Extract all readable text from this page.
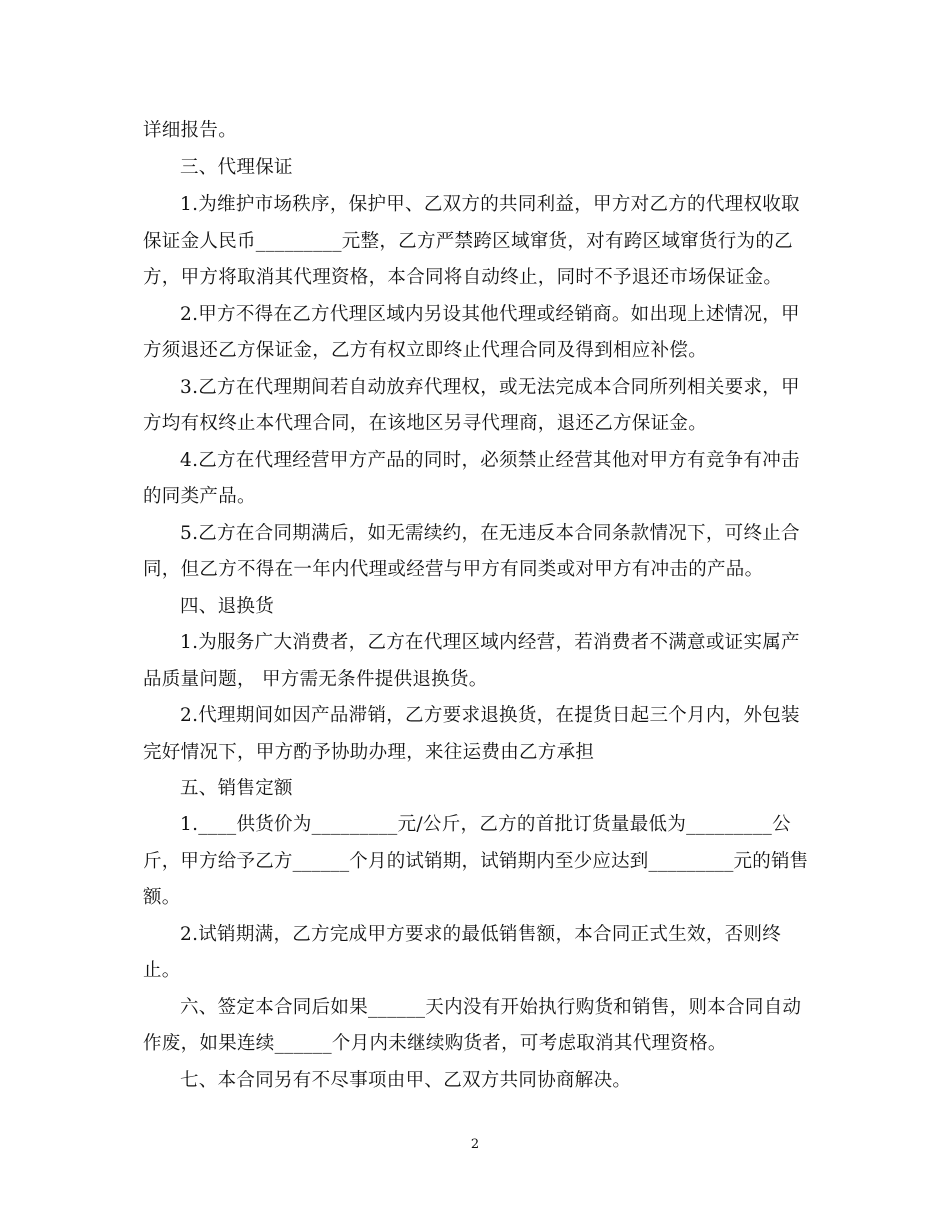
详细报告。
三、代理保证
1.为维护市场秩序，保护甲、乙双方的共同利益，甲方对乙方的代理权收取
保证金人民币_________元整，乙方严禁跨区域窜货，对有跨区域窜货行为的乙
方，甲方将取消其代理资格，本合同将自动终止，同时不予退还市场保证金。
2.甲方不得在乙方代理区域内另设其他代理或经销商。如出现上述情况，甲
方须退还乙方保证金，乙方有权立即终止代理合同及得到相应补偿。
3.乙方在代理期间若自动放弃代理权，或无法完成本合同所列相关要求，甲
方均有权终止本代理合同，在该地区另寻代理商，退还乙方保证金。
4.乙方在代理经营甲方产品的同时，必须禁止经营其他对甲方有竞争有冲击
的同类产品。
5.乙方在合同期满后，如无需续约，在无违反本合同条款情况下，可终止合
同，但乙方不得在一年内代理或经营与甲方有同类或对甲方有冲击的产品。
四、退换货
1.为服务广大消费者，乙方在代理区域内经营，若消费者不满意或证实属产
品质量问题， 甲方需无条件提供退换货。
2.代理期间如因产品滞销，乙方要求退换货，在提货日起三个月内，外包装
完好情况下，甲方酌予协助办理，来往运费由乙方承担
五、销售定额
1.____供货价为_________元/公斤，乙方的首批订货量最低为_________公
斤，甲方给予乙方______个月的试销期，试销期内至少应达到_________元的销售
额。
2.试销期满，乙方完成甲方要求的最低销售额，本合同正式生效，否则终
止。
六、签定本合同后如果______天内没有开始执行购货和销售，则本合同自动
作废，如果连续______个月内未继续购货者，可考虑取消其代理资格。
七、本合同另有不尽事项由甲、乙双方共同协商解决。
2
